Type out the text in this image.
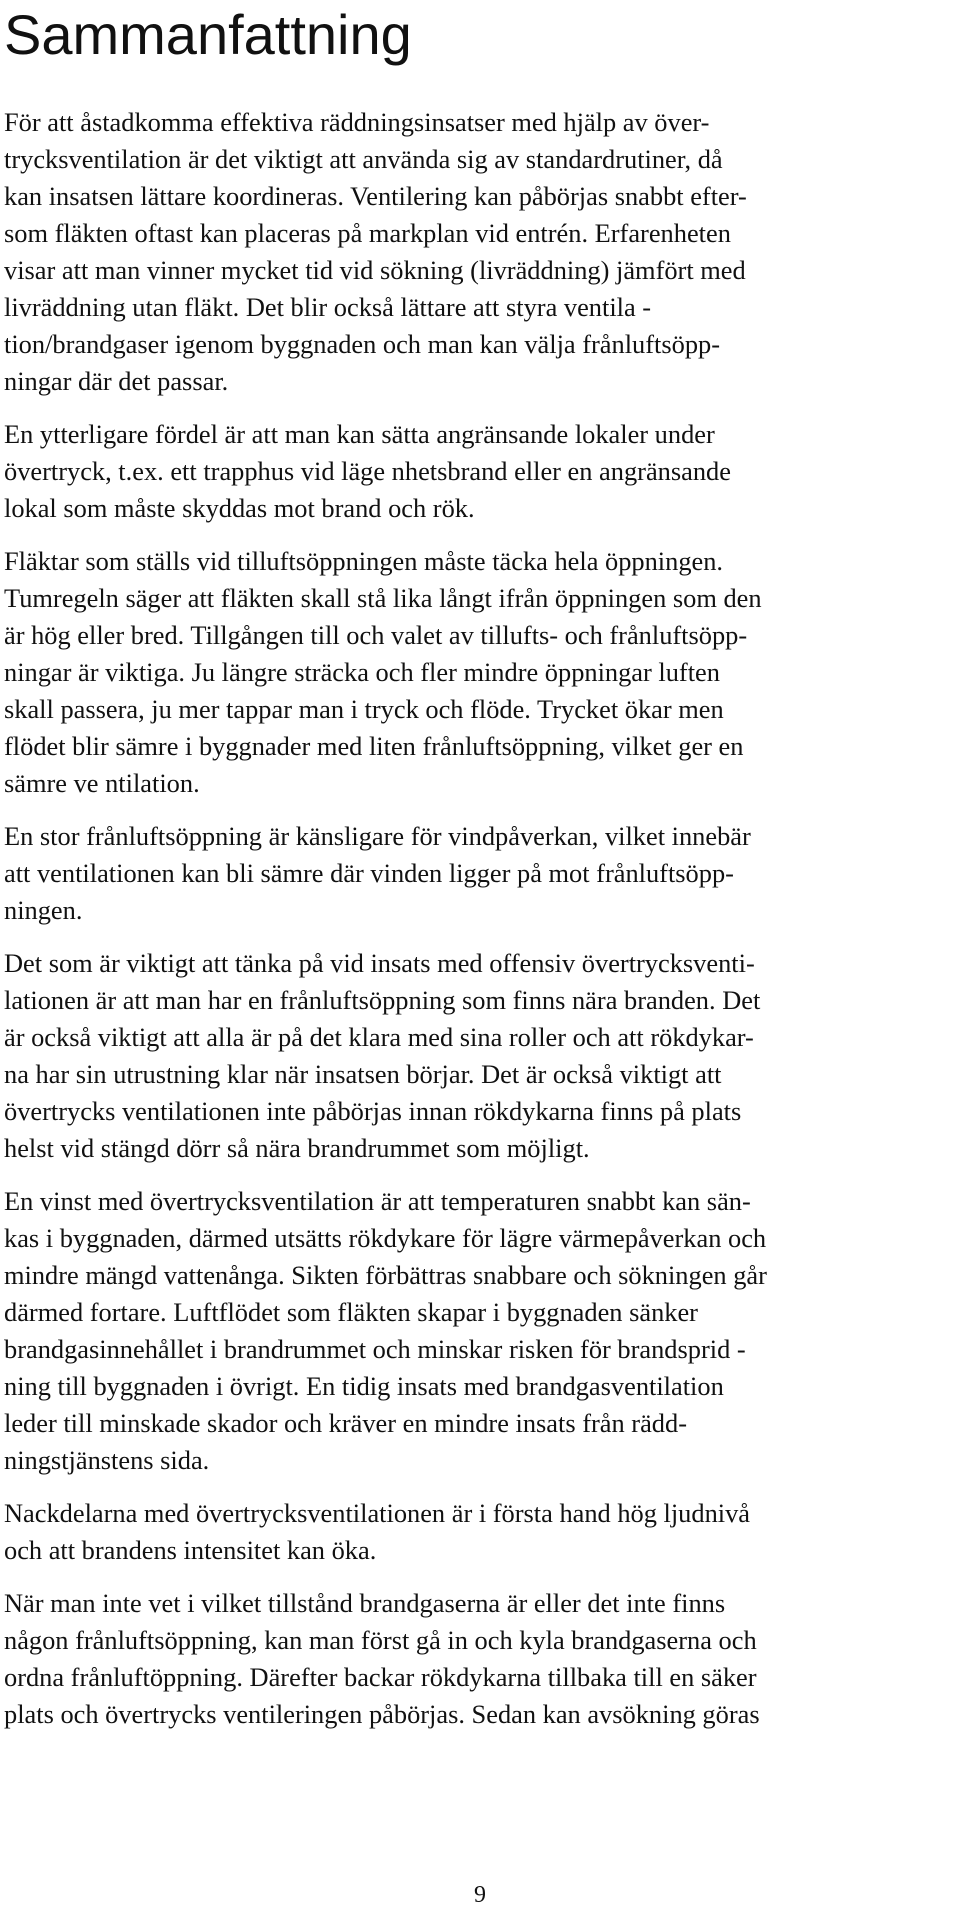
Sammanfattning

För att åstadkomma effektiva räddningsinsatser med hjälp av över-
trycksventilation är det viktigt att använda sig av standardrutiner, då
kan insatsen lättare koordineras. Ventilering kan påbörjas snabbt efter-
som fläkten oftast kan placeras på markplan vid entrén. Erfarenheten
visar att man vinner mycket tid vid sökning (livräddning) jämfört med
livräddning utan fläkt. Det blir också lättare att styra ventila -
tion/brandgaser igenom byggnaden och man kan välja frånluftsöpp-
ningar där det passar.

En ytterligare fördel är att man kan sätta angränsande lokaler under
övertryck, t.ex. ett trapphus vid läge nhetsbrand eller en angränsande
lokal som måste skyddas mot brand och rök.

Fläktar som ställs vid tilluftsöppningen måste täcka hela öppningen.
Tumregeln säger att fläkten skall stå lika långt ifrån öppningen som den
är hög eller bred. Tillgången till och valet av tillufts- och frånluftsöpp-
ningar är viktiga. Ju längre sträcka och fler mindre öppningar luften
skall passera, ju mer tappar man i tryck och flöde. Trycket ökar men
flödet blir sämre i byggnader med liten frånluftsöppning, vilket ger en
sämre ve ntilation.

En stor frånluftsöppning är känsligare för vindpåverkan, vilket innebär
att ventilationen kan bli sämre där vinden ligger på mot frånluftsöpp-
ningen.

Det som är viktigt att tänka på vid insats med offensiv övertrycksventi-
lationen är att man har en frånluftsöppning som finns nära branden. Det
är också viktigt att alla är på det klara med sina roller och att rökdykar-
na har sin utrustning klar när insatsen börjar. Det är också viktigt att
övertrycks ventilationen inte påbörjas innan rökdykarna finns på plats
helst vid stängd dörr så nära brandrummet som möjligt.

En vinst med övertrycksventilation är att temperaturen snabbt kan sän-
kas i byggnaden, därmed utsätts rökdykare för lägre värmepåverkan och
mindre mängd vattenånga. Sikten förbättras snabbare och sökningen går
därmed fortare. Luftflödet som fläkten skapar i byggnaden sänker
brandgasinnehållet i brandrummet och minskar risken för brandsprid -
ning till byggnaden i övrigt. En tidig insats med brandgasventilation
leder till minskade skador och kräver en mindre insats från rädd-
ningstjänstens sida.

Nackdelarna med övertrycksventilationen är i första hand hög ljudnivå
och att brandens intensitet kan öka.

När man inte vet i vilket tillstånd brandgaserna är eller det inte finns
någon frånluftsöppning, kan man först gå in och kyla brandgaserna och
ordna frånluftöppning. Därefter backar rökdykarna tillbaka till en säker
plats och övertrycks ventileringen påbörjas. Sedan kan avsökning göras

9
